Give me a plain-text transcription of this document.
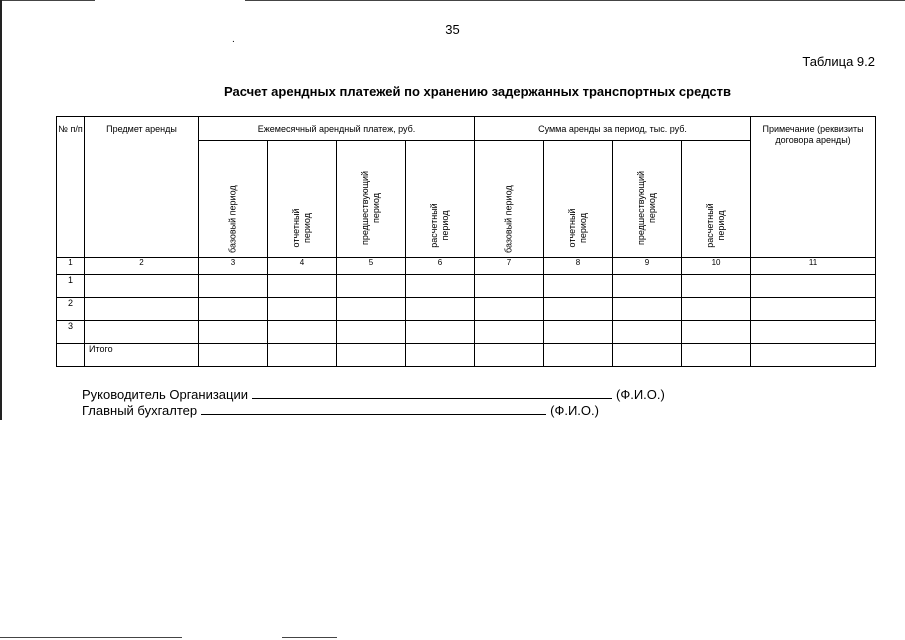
35
.
Таблица 9.2
Расчет арендных платежей по хранению задержанных транспортных средств
№ п/п	Предмет аренды	Ежемесячный арендный платеж, руб.				Сумма аренды за период, тыс. руб.				Примечание (реквизиты договора аренды)

		базовый период	отчетный период	предшествующий период	расчетный период	базовый период	отчетный период	предшествующий период	расчетный период	

1	2	3	4	5	6	7	8	9	10	11
1										
2										
3										
	Итого									
Руководитель Организации	(Ф.И.О.)
Главный бухгалтер	(Ф.И.О.)
